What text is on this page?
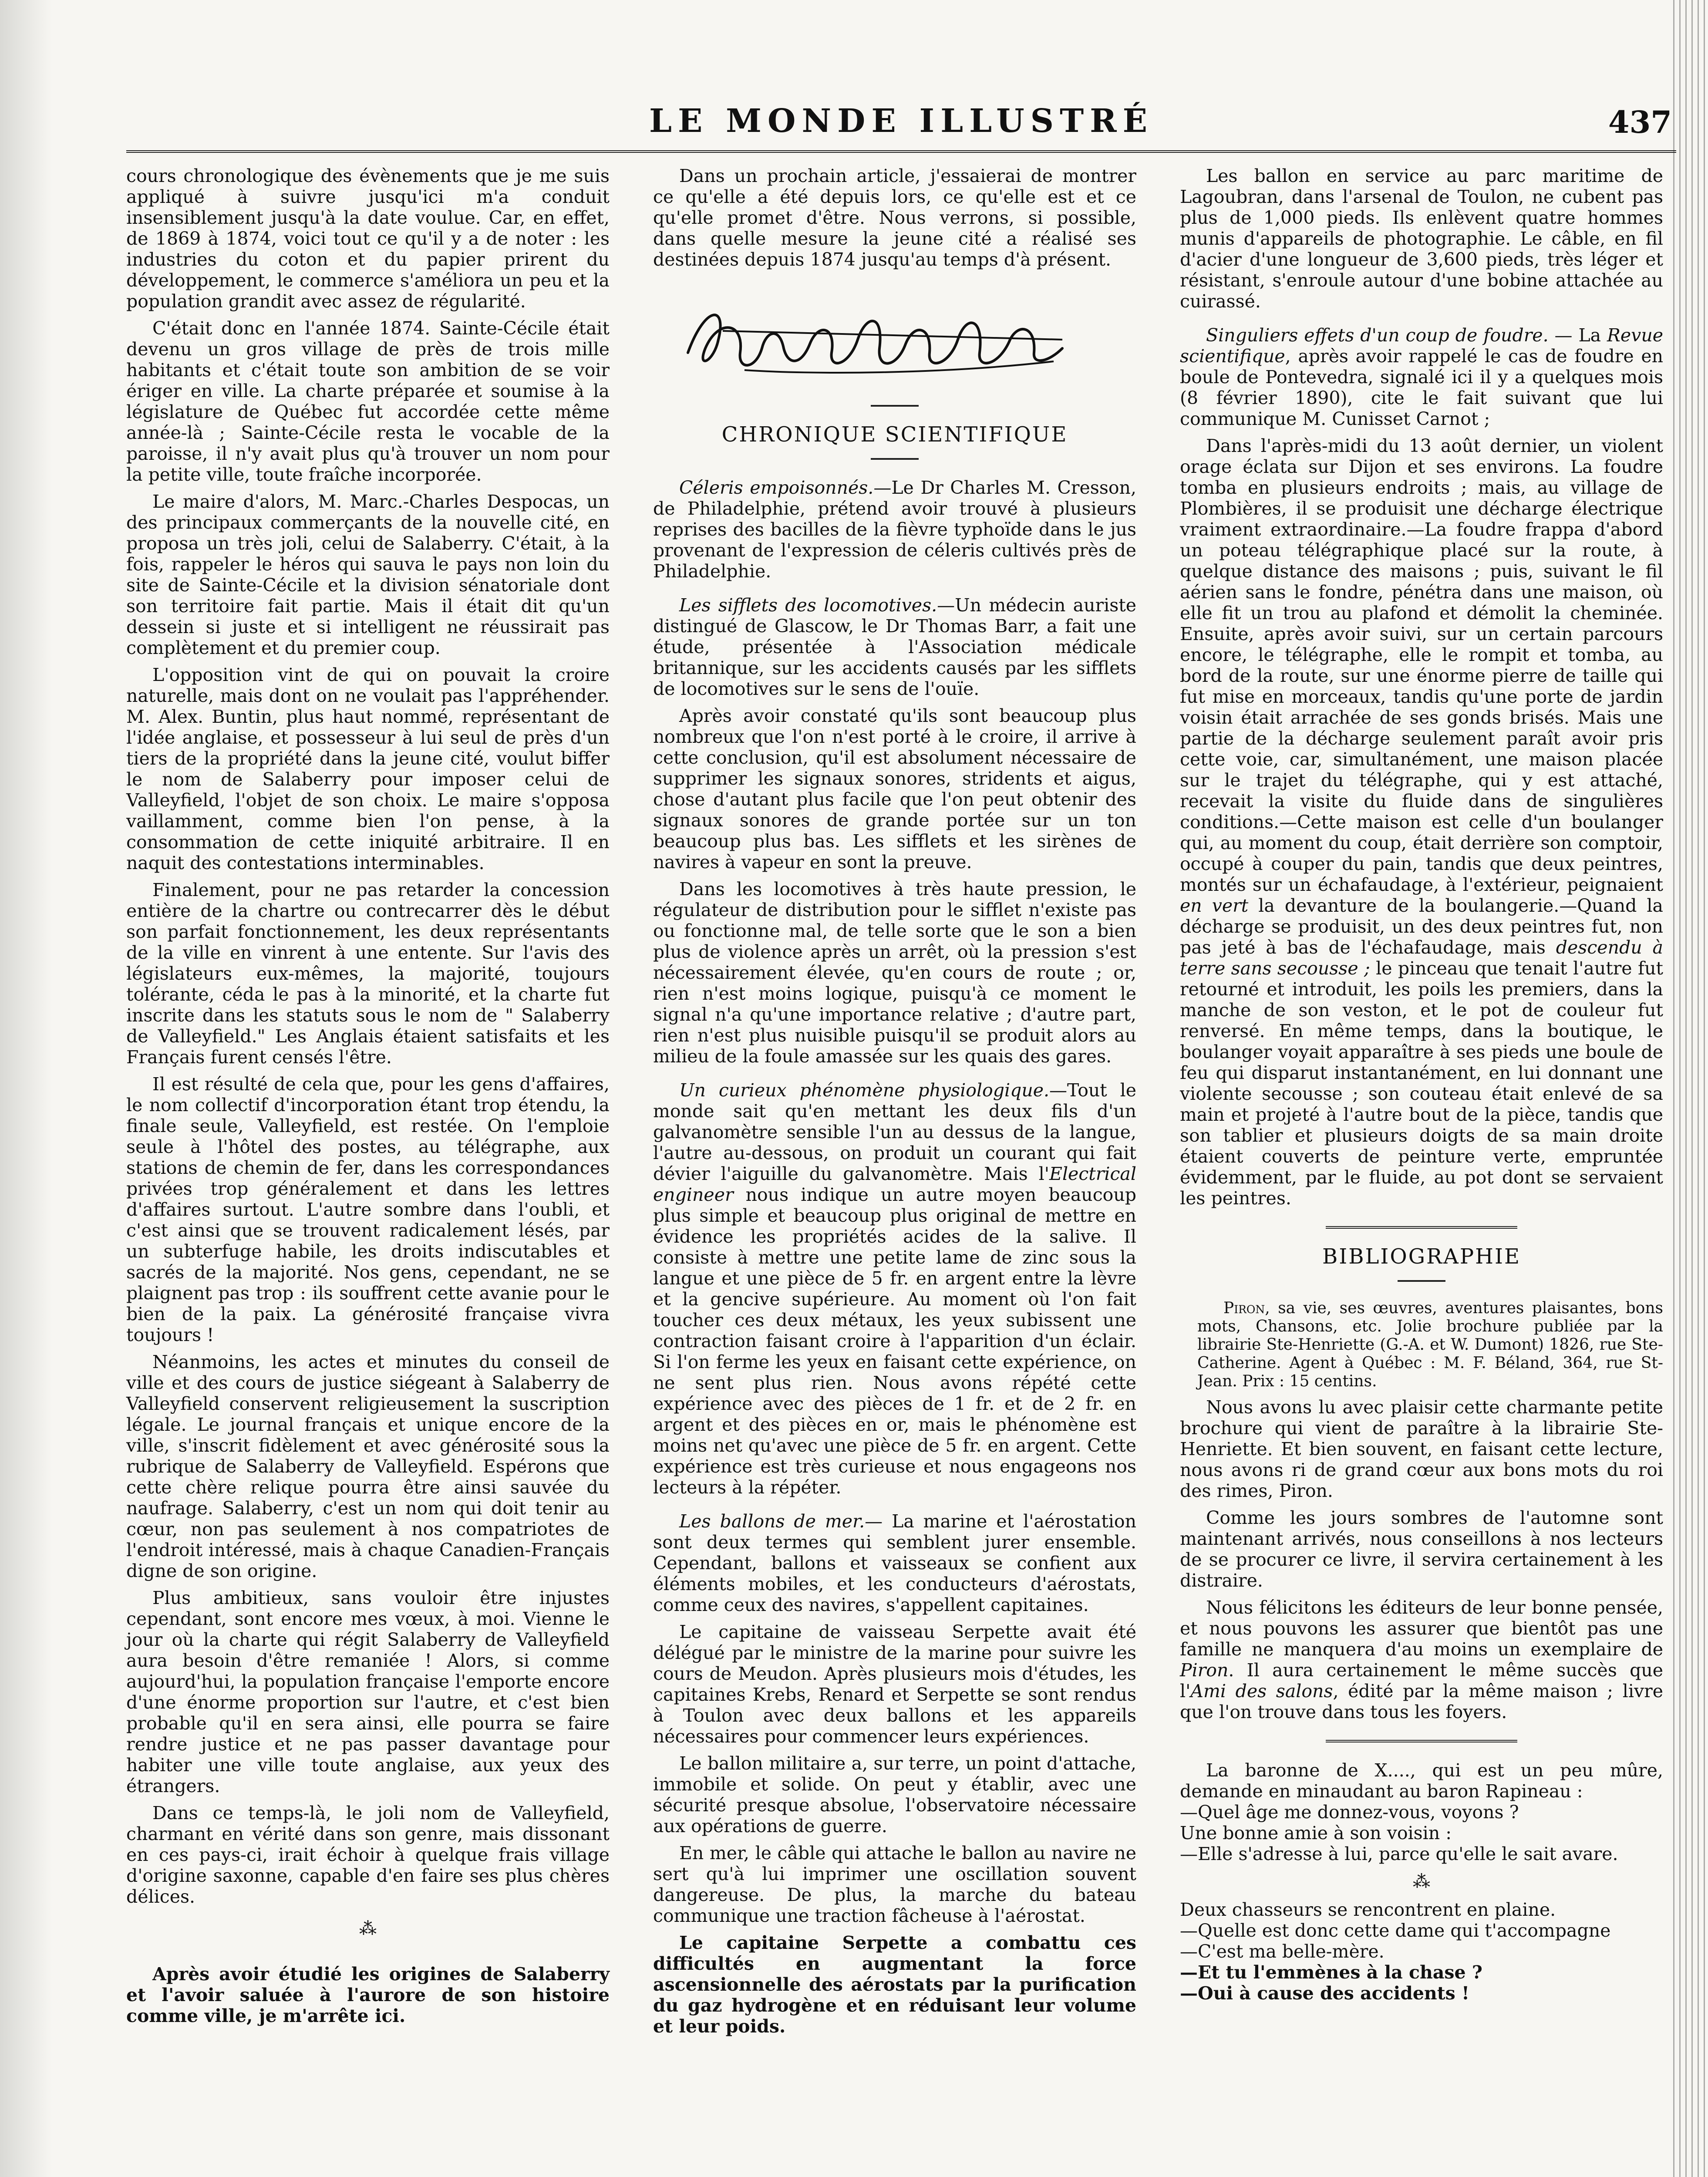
LE MONDE ILLUSTRÉ	437

cours chronologique des évènements que je me suis appliqué à suivre jusqu'ici m'a conduit insensiblement jusqu'à la date voulue. Car, en effet, de 1869 à 1874, voici tout ce qu'il y a de noter : les industries du coton et du papier prirent du développement, le commerce s'améliora un peu et la population grandit avec assez de régularité.

C'était donc en l'année 1874. Sainte-Cécile était devenu un gros village de près de trois mille habitants et c'était toute son ambition de se voir ériger en ville. La charte préparée et soumise à la législature de Québec fut accordée cette même année-là ; Sainte-Cécile resta le vocable de la paroisse, il n'y avait plus qu'à trouver un nom pour la petite ville, toute fraîche incorporée.

Le maire d'alors, M. Marc.-Charles Despocas, un des principaux commerçants de la nouvelle cité, en proposa un très joli, celui de Salaberry. C'était, à la fois, rappeler le héros qui sauva le pays non loin du site de Sainte-Cécile et la division sénatoriale dont son territoire fait partie. Mais il était dit qu'un dessein si juste et si intelligent ne réussirait pas complètement et du premier coup.

L'opposition vint de qui on pouvait la croire naturelle, mais dont on ne voulait pas l'appréhender. M. Alex. Buntin, plus haut nommé, représentant de l'idée anglaise, et possesseur à lui seul de près d'un tiers de la propriété dans la jeune cité, voulut biffer le nom de Salaberry pour imposer celui de Valleyfield, l'objet de son choix. Le maire s'opposa vaillamment, comme bien l'on pense, à la consommation de cette iniquité arbitraire. Il en naquit des contestations interminables.

Finalement, pour ne pas retarder la concession entière de la chartre ou contrecarrer dès le début son parfait fonctionnement, les deux représentants de la ville en vinrent à une entente. Sur l'avis des législateurs eux-mêmes, la majorité, toujours tolérante, céda le pas à la minorité, et la charte fut inscrite dans les statuts sous le nom de " Salaberry de Valleyfield." Les Anglais étaient satisfaits et les Français furent censés l'être.

Il est résulté de cela que, pour les gens d'affaires, le nom collectif d'incorporation étant trop étendu, la finale seule, Valleyfield, est restée. On l'emploie seule à l'hôtel des postes, au télégraphe, aux stations de chemin de fer, dans les correspondances privées trop généralement et dans les lettres d'affaires surtout. L'autre sombre dans l'oubli, et c'est ainsi que se trouvent radicalement lésés, par un subterfuge habile, les droits indiscutables et sacrés de la majorité. Nos gens, cependant, ne se plaignent pas trop : ils souffrent cette avanie pour le bien de la paix. La générosité française vivra toujours !

Néanmoins, les actes et minutes du conseil de ville et des cours de justice siégeant à Salaberry de Valleyfield conservent religieusement la suscription légale. Le journal français et unique encore de la ville, s'inscrit fidèlement et avec générosité sous la rubrique de Salaberry de Valleyfield. Espérons que cette chère relique pourra être ainsi sauvée du naufrage. Salaberry, c'est un nom qui doit tenir au cœur, non pas seulement à nos compatriotes de l'endroit intéressé, mais à chaque Canadien-Français digne de son origine.

Plus ambitieux, sans vouloir être injustes cependant, sont encore mes vœux, à moi. Vienne le jour où la charte qui régit Salaberry de Valleyfield aura besoin d'être remaniée ! Alors, si comme aujourd'hui, la population française l'emporte encore d'une énorme proportion sur l'autre, et c'est bien probable qu'il en sera ainsi, elle pourra se faire rendre justice et ne pas passer davantage pour habiter une ville toute anglaise, aux yeux des étrangers.

Dans ce temps-là, le joli nom de Valleyfield, charmant en vérité dans son genre, mais dissonant en ces pays-ci, irait échoir à quelque frais village d'origine saxonne, capable d'en faire ses plus chères délices.

⁂

Après avoir étudié les origines de Salaberry et l'avoir saluée à l'aurore de son histoire comme ville, je m'arrête ici.

Dans un prochain article, j'essaierai de montrer ce qu'elle a été depuis lors, ce qu'elle est et ce qu'elle promet d'être. Nous verrons, si possible, dans quelle mesure la jeune cité a réalisé ses destinées depuis 1874 jusqu'au temps d'à présent.

CHRONIQUE SCIENTIFIQUE

Céleris empoisonnés.—Le Dr Charles M. Cresson, de Philadelphie, prétend avoir trouvé à plusieurs reprises des bacilles de la fièvre typhoïde dans le jus provenant de l'expression de céleris cultivés près de Philadelphie.

Les sifflets des locomotives.—Un médecin auriste distingué de Glascow, le Dr Thomas Barr, a fait une étude, présentée à l'Association médicale britannique, sur les accidents causés par les sifflets de locomotives sur le sens de l'ouïe.

Après avoir constaté qu'ils sont beaucoup plus nombreux que l'on n'est porté à le croire, il arrive à cette conclusion, qu'il est absolument nécessaire de supprimer les signaux sonores, stridents et aigus, chose d'autant plus facile que l'on peut obtenir des signaux sonores de grande portée sur un ton beaucoup plus bas. Les sifflets et les sirènes de navires à vapeur en sont la preuve.

Dans les locomotives à très haute pression, le régulateur de distribution pour le sifflet n'existe pas ou fonctionne mal, de telle sorte que le son a bien plus de violence après un arrêt, où la pression s'est nécessairement élevée, qu'en cours de route ; or, rien n'est moins logique, puisqu'à ce moment le signal n'a qu'une importance relative ; d'autre part, rien n'est plus nuisible puisqu'il se produit alors au milieu de la foule amassée sur les quais des gares.

Un curieux phénomène physiologique.—Tout le monde sait qu'en mettant les deux fils d'un galvanomètre sensible l'un au dessus de la langue, l'autre au-dessous, on produit un courant qui fait dévier l'aiguille du galvanomètre. Mais l'Electrical engineer nous indique un autre moyen beaucoup plus simple et beaucoup plus original de mettre en évidence les propriétés acides de la salive. Il consiste à mettre une petite lame de zinc sous la langue et une pièce de 5 fr. en argent entre la lèvre et la gencive supérieure. Au moment où l'on fait toucher ces deux métaux, les yeux subissent une contraction faisant croire à l'apparition d'un éclair. Si l'on ferme les yeux en faisant cette expérience, on ne sent plus rien. Nous avons répété cette expérience avec des pièces de 1 fr. et de 2 fr. en argent et des pièces en or, mais le phénomène est moins net qu'avec une pièce de 5 fr. en argent. Cette expérience est très curieuse et nous engageons nos lecteurs à la répéter.

Les ballons de mer.— La marine et l'aérostation sont deux termes qui semblent jurer ensemble. Cependant, ballons et vaisseaux se confient aux éléments mobiles, et les conducteurs d'aérostats, comme ceux des navires, s'appellent capitaines.

Le capitaine de vaisseau Serpette avait été délégué par le ministre de la marine pour suivre les cours de Meudon. Après plusieurs mois d'études, les capitaines Krebs, Renard et Serpette se sont rendus à Toulon avec deux ballons et les appareils nécessaires pour commencer leurs expériences.

Le ballon militaire a, sur terre, un point d'attache, immobile et solide. On peut y établir, avec une sécurité presque absolue, l'observatoire nécessaire aux opérations de guerre.

En mer, le câble qui attache le ballon au navire ne sert qu'à lui imprimer une oscillation souvent dangereuse. De plus, la marche du bateau communique une traction fâcheuse à l'aérostat.

Le capitaine Serpette a combattu ces difficultés en augmentant la force ascensionnelle des aérostats par la purification du gaz hydrogène et en réduisant leur volume et leur poids.

Les ballon en service au parc maritime de Lagoubran, dans l'arsenal de Toulon, ne cubent pas plus de 1,000 pieds. Ils enlèvent quatre hommes munis d'appareils de photographie. Le câble, en fil d'acier d'une longueur de 3,600 pieds, très léger et résistant, s'enroule autour d'une bobine attachée au cuirassé.

Singuliers effets d'un coup de foudre. — La Revue scientifique, après avoir rappelé le cas de foudre en boule de Pontevedra, signalé ici il y a quelques mois (8 février 1890), cite le fait suivant que lui communique M. Cunisset Carnot ;

Dans l'après-midi du 13 août dernier, un violent orage éclata sur Dijon et ses environs. La foudre tomba en plusieurs endroits ; mais, au village de Plombières, il se produisit une décharge électrique vraiment extraordinaire.—La foudre frappa d'abord un poteau télégraphique placé sur la route, à quelque distance des maisons ; puis, suivant le fil aérien sans le fondre, pénétra dans une maison, où elle fit un trou au plafond et démolit la cheminée. Ensuite, après avoir suivi, sur un certain parcours encore, le télégraphe, elle le rompit et tomba, au bord de la route, sur une énorme pierre de taille qui fut mise en morceaux, tandis qu'une porte de jardin voisin était arrachée de ses gonds brisés. Mais une partie de la décharge seulement paraît avoir pris cette voie, car, simultanément, une maison placée sur le trajet du télégraphe, qui y est attaché, recevait la visite du fluide dans de singulières conditions.—Cette maison est celle d'un boulanger qui, au moment du coup, était derrière son comptoir, occupé à couper du pain, tandis que deux peintres, montés sur un échafaudage, à l'extérieur, peignaient en vert la devanture de la boulangerie.—Quand la décharge se produisit, un des deux peintres fut, non pas jeté à bas de l'échafaudage, mais descendu à terre sans secousse ; le pinceau que tenait l'autre fut retourné et introduit, les poils les premiers, dans la manche de son veston, et le pot de couleur fut renversé. En même temps, dans la boutique, le boulanger voyait apparaître à ses pieds une boule de feu qui disparut instantanément, en lui donnant une violente secousse ; son couteau était enlevé de sa main et projeté à l'autre bout de la pièce, tandis que son tablier et plusieurs doigts de sa main droite étaient couverts de peinture verte, empruntée évidemment, par le fluide, au pot dont se servaient les peintres.

BIBLIOGRAPHIE

Piron, sa vie, ses œuvres, aventures plaisantes, bons mots, Chansons, etc. Jolie brochure publiée par la librairie Ste-Henriette (G.-A. et W. Dumont) 1826, rue Ste-Catherine. Agent à Québec : M. F. Béland, 364, rue St-Jean. Prix : 15 centins.

Nous avons lu avec plaisir cette charmante petite brochure qui vient de paraître à la librairie Ste-Henriette. Et bien souvent, en faisant cette lecture, nous avons ri de grand cœur aux bons mots du roi des rimes, Piron.

Comme les jours sombres de l'automne sont maintenant arrivés, nous conseillons à nos lecteurs de se procurer ce livre, il servira certainement à les distraire.

Nous félicitons les éditeurs de leur bonne pensée, et nous pouvons les assurer que bientôt pas une famille ne manquera d'au moins un exemplaire de Piron. Il aura certainement le même succès que l'Ami des salons, édité par la même maison ; livre que l'on trouve dans tous les foyers.

La baronne de X...., qui est un peu mûre, demande en minaudant au baron Rapineau :

—Quel âge me donnez-vous, voyons ?

Une bonne amie à son voisin :

—Elle s'adresse à lui, parce qu'elle le sait avare.

⁂

Deux chasseurs se rencontrent en plaine.

—Quelle est donc cette dame qui t'accompagne

—C'est ma belle-mère.

—Et tu l'emmènes à la chase ?

—Oui à cause des accidents !
